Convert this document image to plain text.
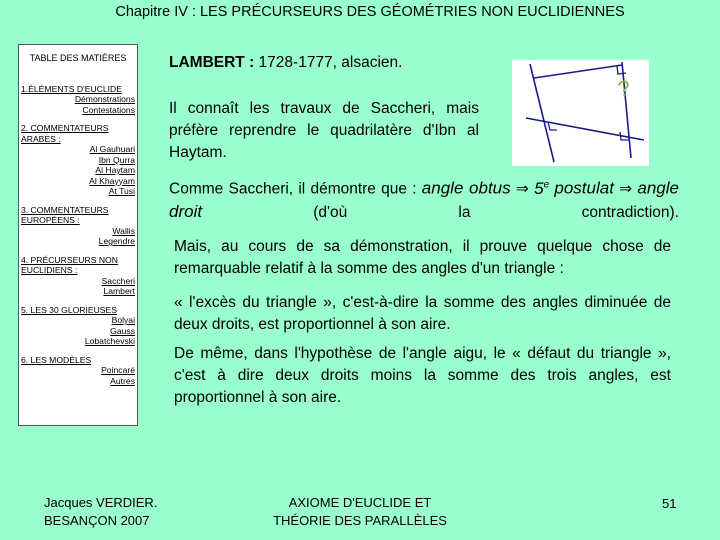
Chapitre IV : LES PRÉCURSEURS DES GÉOMÉTRIES NON EUCLIDIENNES
TABLE DES MATIÈRES
1.ÉLÉMENTS D'EUCLIDE
Démonstrations
Contestations
2. COMMENTATEURS ARABES :
Al Gauhuari
Ibn Qurra
Al Haytam
Al Khayyam
At Tusi
3. COMMENTATEURS EUROPÉENS :
Wallis
Legendre
4. PRÉCURSEURS NON EUCLIDIENS :
Saccheri
Lambert
5. LES 30 GLORIEUSES
Bolyai
Gauss
Lobatchevski
6. LES MODÈLES
Poincaré
Autres
LAMBERT : 1728-1777, alsacien.
?
Il connaît les travaux de Saccheri, mais préfère reprendre le quadrilatère d'Ibn al Haytam.
Comme Saccheri, il démontre que : angle obtus ⇒ 5e postulat ⇒ angle droit (d'où la contradiction).
Mais, au cours de sa démonstration, il prouve quelque chose de remarquable relatif à la somme des angles d'un triangle :
« l'excès du triangle », c'est-à-dire la somme des angles diminuée de deux droits, est proportionnel à son aire.
De même, dans l'hypothèse de l'angle aigu, le « défaut du triangle », c'est à dire deux droits moins la somme des trois angles, est proportionnel à son aire.
Jacques VERDIER.
BESANÇON 2007
AXIOME D'EUCLIDE ET
THÉORIE DES PARALLÈLES
51
